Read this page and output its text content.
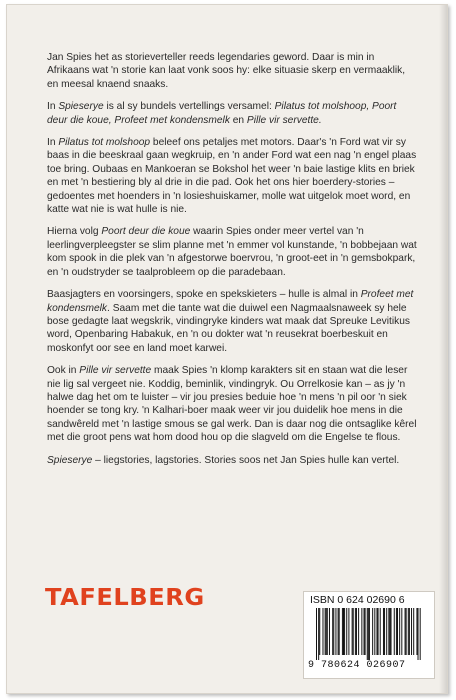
Jan Spies het as storieverteller reeds legendaries geword. Daar is min in Afrikaans wat 'n storie kan laat vonk soos hy: elke situasie skerp en vermaaklik, en meesal knaend snaaks.

In Spieserye is al sy bundels vertellings versamel: Pilatus tot molshoop, Poort deur die koue, Profeet met kondensmelk en Pille vir servette.

In Pilatus tot molshoop beleef ons petaljes met motors. Daar's 'n Ford wat vir sy baas in die beeskraal gaan wegkruip, en 'n ander Ford wat een nag 'n engel plaas toe bring. Oubaas en Mankoeran se Bokshol het weer 'n baie lastige klits en briek en met 'n bestiering bly al drie in die pad. Ook het ons hier boerdery-stories – gedoentes met hoenders in 'n losieshuiskamer, molle wat uitgelok moet word, en katte wat nie is wat hulle is nie.

Hierna volg Poort deur die koue waarin Spies onder meer vertel van 'n leerlingverpleegster se slim planne met 'n emmer vol kunstande, 'n bobbejaan wat kom spook in die plek van 'n afgestorwe boervrou, 'n groot-eet in 'n gemsbokpark, en 'n oudstryder se taalprobleem op die paradebaan.

Baasjagters en voorsingers, spoke en spekskieters – hulle is almal in Profeet met kondensmelk. Saam met die tante wat die duiwel een Nagmaalsnaweek sy hele bose gedagte laat wegskrik, vindingryke kinders wat maak dat Spreuke Levitikus word, Openbaring Habakuk, en 'n ou dokter wat 'n reusekrat boerbeskuit en moskonfyt oor see en land moet karwei.

Ook in Pille vir servette maak Spies 'n klomp karakters sit en staan wat die leser nie lig sal vergeet nie. Koddig, beminlik, vindingryk. Ou Orrelkosie kan – as jy 'n halwe dag het om te luister – vir jou presies beduie hoe 'n mens 'n pil oor 'n siek hoender se tong kry. 'n Kalhari-boer maak weer vir jou duidelik hoe mens in die sandwêreld met 'n lastige smous se gal werk. Dan is daar nog die ontsaglike kêrel met die groot pens wat hom dood hou op die slagveld om die Engelse te flous.

Spieserye – liegstories, lagstories. Stories soos net Jan Spies hulle kan vertel.

TAFELBERG	ISBN 0 624 02690 6
9 780624 026907
